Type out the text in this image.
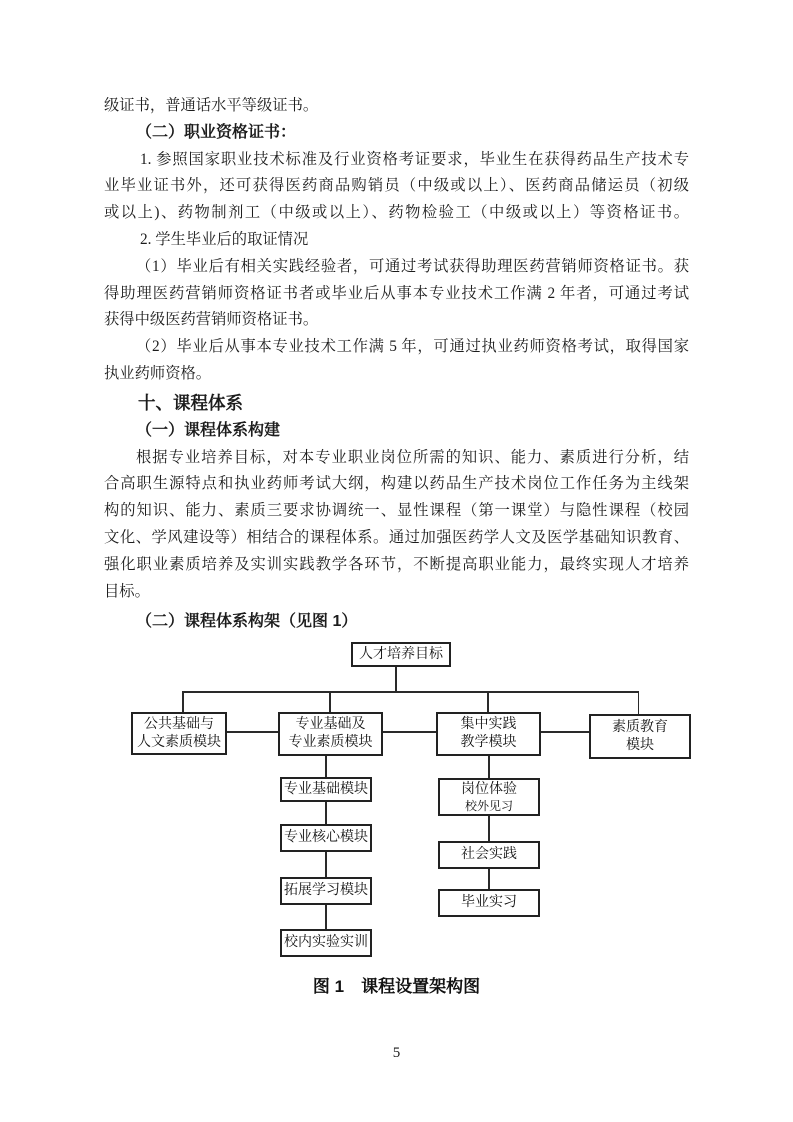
级证书，普通话水平等级证书。
（二）职业资格证书：
1. 参照国家职业技术标准及行业资格考证要求，毕业生在获得药品生产技术专
业毕业证书外，还可获得医药商品购销员（中级或以上）、医药商品储运员（初级
或以上)、药物制剂工（中级或以上）、药物检验工（中级或以上）等资格证书。
2. 学生毕业后的取证情况
（1）毕业后有相关实践经验者，可通过考试获得助理医药营销师资格证书。获
得助理医药营销师资格证书者或毕业后从事本专业技术工作满 2 年者，可通过考试
获得中级医药营销师资格证书。
（2）毕业后从事本专业技术工作满 5 年，可通过执业药师资格考试，取得国家
执业药师资格。
十、课程体系
（一）课程体系构建
根据专业培养目标，对本专业职业岗位所需的知识、能力、素质进行分析，结
合高职生源特点和执业药师考试大纲，构建以药品生产技术岗位工作任务为主线架
构的知识、能力、素质三要求协调统一、显性课程（第一课堂）与隐性课程（校园
文化、学风建设等）相结合的课程体系。通过加强医药学人文及医学基础知识教育、
强化职业素质培养及实训实践教学各环节，不断提高职业能力，最终实现人才培养
目标。
（二）课程体系构架（见图 1）
人才培养目标
公共基础与
人文素质模块
专业基础及
专业素质模块
集中实践
教学模块
素质教育
模块
专业基础模块
专业核心模块
拓展学习模块
校内实验实训
岗位体验
校外见习
社会实践
毕业实习
图 1　课程设置架构图
5
